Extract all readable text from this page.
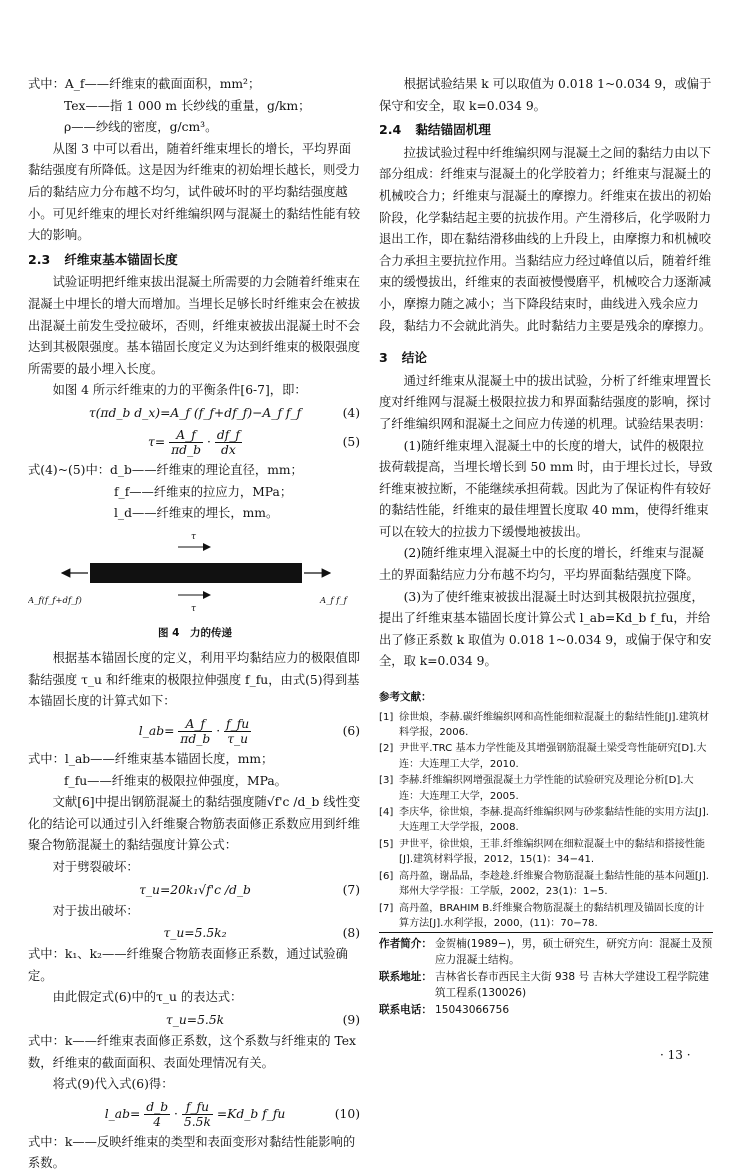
式中：A_f——纤维束的截面面积，mm²；

Tex——指 1 000 m 长纱线的重量，g/km；

ρ——纱线的密度，g/cm³。

从图 3 中可以看出，随着纤维束埋长的增长，平均界面黏结强度有所降低。这是因为纤维束的初始埋长越长，则受力后的黏结应力分布越不均匀，试件破坏时的平均黏结强度越小。可见纤维束的埋长对纤维编织网与混凝土的黏结性能有较大的影响。

2.3 纤维束基本锚固长度

试验证明把纤维束拔出混凝土所需要的力会随着纤维束在混凝土中埋长的增大而增加。当埋长足够长时纤维束会在被拔出混凝土前发生受拉破坏，否则，纤维束被拔出混凝土时不会达到其极限强度。基本锚固长度定义为达到纤维束的极限强度所需要的最小埋入长度。

如图 4 所示纤维束的力的平衡条件[6-7]，即：

τ(πd_b d_x)=A_f (f_f+df_f)−A_f f_f	(4)
$\tau= \frac{A\_f}{\pi d\_b} \cdot \frac{df\_f}{dx}$	(5)

式(4)~(5)中：d_b——纤维束的理论直径，mm；

f_f——纤维束的拉应力，MPa；

l_d——纤维束的埋长，mm。

τ
τ
A_f(f_f+df_f)	A_f f_f
图 4　力的传递

根据基本锚固长度的定义，利用平均黏结应力的极限值即黏结强度 τ_u 和纤维束的极限拉伸强度 f_fu，由式(5)得到基本锚固长度的计算式如下：

l_ab= $\frac{A\_f}{\pi d\_b} \cdot \frac{f\_fu}{\tau\_u}$	(6)

式中：l_ab——纤维束基本锚固长度，mm；

f_fu——纤维束的极限拉伸强度，MPa。

文献[6]中提出钢筋混凝土的黏结强度随√f'c /d_b 线性变化的结论可以通过引入纤维聚合物筋表面修正系数应用到纤维聚合物筋混凝土的黏结强度计算公式：

对于劈裂破坏：

τ_u=20k₁√f'c /d_b	(7)

对于拔出破坏：

τ_u=5.5k₂	(8)

式中：k₁、k₂——纤维聚合物筋表面修正系数，通过试验确定。

由此假定式(6)中的τ_u 的表达式：

τ_u=5.5k	(9)

式中：k——纤维束表面修正系数，这个系数与纤维束的 Tex 数，纤维束的截面面积、表面处理情况有关。

将式(9)代入式(6)得：

l_ab= $\frac{d\_b}{4} \cdot \frac{f\_fu}{5.5k}$ =Kd_b f_fu	(10)

式中：k——反映纤维束的类型和表面变形对黏结性能影响的系数。

根据试验结果 k 可以取值为 0.018 1~0.034 9，或偏于保守和安全，取 k=0.034 9。

2.4 黏结锚固机理

拉拔试验过程中纤维编织网与混凝土之间的黏结力由以下部分组成：纤维束与混凝土的化学胶着力；纤维束与混凝土的机械咬合力；纤维束与混凝土的摩擦力。纤维束在拔出的初始阶段，化学黏结起主要的抗拔作用。产生滑移后，化学吸附力退出工作，即在黏结滑移曲线的上升段上，由摩擦力和机械咬合力承担主要抗拉作用。当黏结应力经过峰值以后，随着纤维束的缓慢拔出，纤维束的表面被慢慢磨平，机械咬合力逐渐减小，摩擦力随之减小；当下降段结束时，曲线进入残余应力段，黏结力不会就此消失。此时黏结力主要是残余的摩擦力。

3 结论

通过纤维束从混凝土中的拔出试验，分析了纤维束埋置长度对纤维网与混凝土极限拉拔力和界面黏结强度的影响，探讨了纤维编织网和混凝土之间应力传递的机理。试验结果表明：

(1)随纤维束埋入混凝土中的长度的增大，试件的极限拉拔荷载提高，当埋长增长到 50 mm 时，由于埋长过长，导致纤维束被拉断，不能继续承担荷载。因此为了保证构件有较好的黏结性能，纤维束的最佳埋置长度取 40 mm，使得纤维束可以在较大的拉拔力下缓慢地被拔出。

(2)随纤维束埋入混凝土中的长度的增长，纤维束与混凝土的界面黏结应力分布越不均匀，平均界面黏结强度下降。

(3)为了使纤维束被拔出混凝土时达到其极限抗拉强度，提出了纤维束基本锚固长度计算公式 l_ab=Kd_b f_fu，并给出了修正系数 k 取值为 0.018 1~0.034 9，或偏于保守和安全，取 k=0.034 9。

参考文献：
[1] 徐世烺，李赫.碳纤维编织网和高性能细粒混凝土的黏结性能[J].建筑材料学报，2006.
[2] 尹世平.TRC 基本力学性能及其增强钢筋混凝土梁受弯性能研究[D].大连：大连理工大学，2010.
[3] 李赫.纤维编织网增强混凝土力学性能的试验研究及理论分析[D].大连：大连理工大学，2005.
[4] 李庆华，徐世烺，李赫.提高纤维编织网与砂浆黏结性能的实用方法[J].大连理工大学学报，2008.
[5] 尹世平，徐世烺，王菲.纤维编织网在细粒混凝土中的黏结和搭接性能[J].建筑材料学报，2012，15(1)：34−41.
[6] 高丹盈，谢晶晶，李趁趁.纤维聚合物筋混凝土黏结性能的基本问题[J].郑州大学学报：工学版，2002，23(1)：1−5.
[7] 高丹盈，BRAHIM B.纤维聚合物筋混凝土的黏结机理及锚固长度的计算方法[J].水利学报，2000，(11)：70−78.
作者简介： 金贺楠(1989−)，男，硕士研究生，研究方向：混凝土及预应力混凝土结构。
联系地址： 吉林省长春市西民主大街 938 号 吉林大学建设工程学院建筑工程系(130026)
联系电话： 15043066756
· 13 ·
